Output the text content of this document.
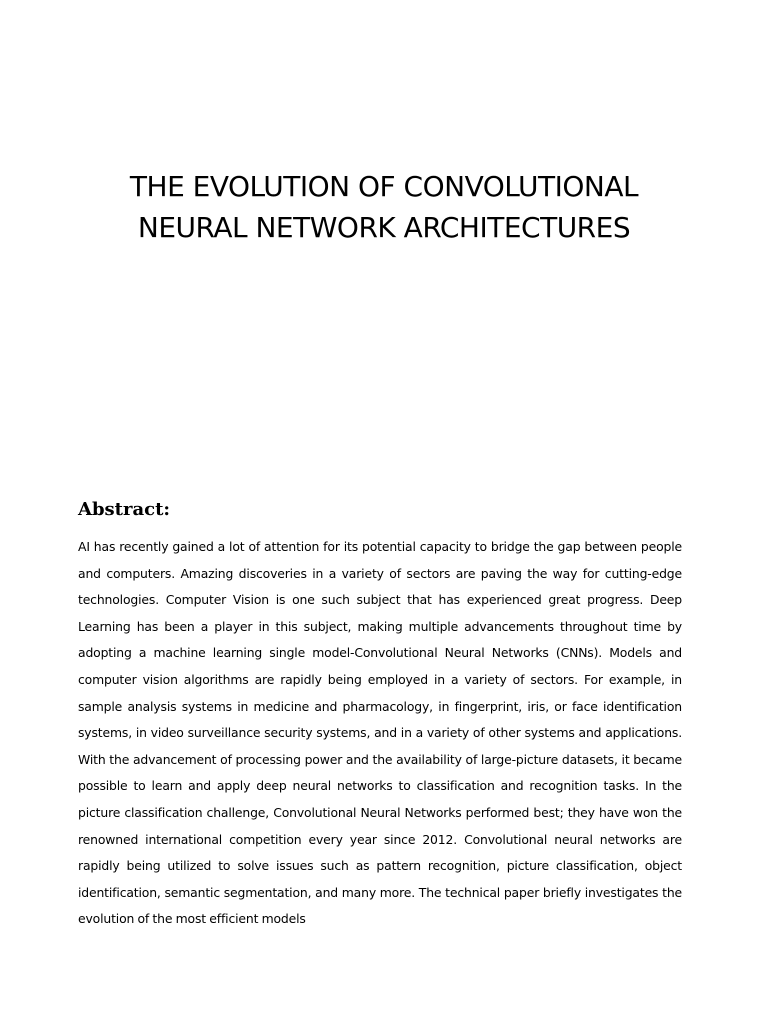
THE EVOLUTION OF CONVOLUTIONAL
NEURAL NETWORK ARCHITECTURES
Abstract:

AI has recently gained a lot of attention for its potential capacity to bridge the gap between people and computers. Amazing discoveries in a variety of sectors are paving the way for cutting-edge technologies. Computer Vision is one such subject that has experienced great progress. Deep Learning has been a player in this subject, making multiple advancements throughout time by adopting a machine learning single model-Convolutional Neural Networks (CNNs). Models and computer vision algorithms are rapidly being employed in a variety of sectors. For example, in sample analysis systems in medicine and pharmacology, in fingerprint, iris, or face identification systems, in video surveillance security systems, and in a variety of other systems and applications. With the advancement of processing power and the availability of large-picture datasets, it became possible to learn and apply deep neural networks to classification and recognition tasks. In the picture classification challenge, Convolutional Neural Networks performed best; they have won the renowned international competition every year since 2012. Convolutional neural networks are rapidly being utilized to solve issues such as pattern recognition, picture classification, object identification, semantic segmentation, and many more. The technical paper briefly investigates the evolution of the most efficient models
